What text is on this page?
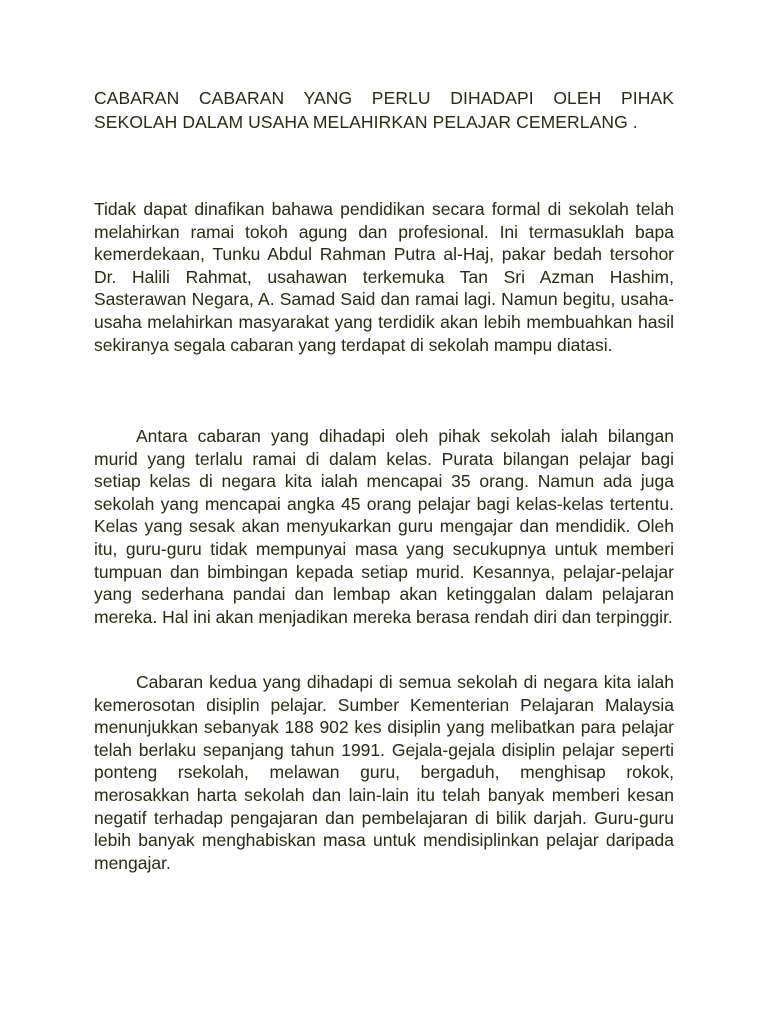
CABARAN CABARAN YANG PERLU DIHADAPI OLEH PIHAK SEKOLAH DALAM USAHA MELAHIRKAN PELAJAR CEMERLANG .

Tidak dapat dinafikan bahawa pendidikan secara formal di sekolah telah melahirkan ramai tokoh agung dan profesional. Ini termasuklah bapa kemerdekaan, Tunku Abdul Rahman Putra al-Haj, pakar bedah tersohor Dr. Halili Rahmat, usahawan terkemuka Tan Sri Azman Hashim, Sasterawan Negara, A. Samad Said dan ramai lagi. Namun begitu, usaha-usaha melahirkan masyarakat yang terdidik akan lebih membuahkan hasil sekiranya segala cabaran yang terdapat di sekolah mampu diatasi.

Antara cabaran yang dihadapi oleh pihak sekolah ialah bilangan murid yang terlalu ramai di dalam kelas. Purata bilangan pelajar bagi setiap kelas di negara kita ialah mencapai 35 orang. Namun ada juga sekolah yang mencapai angka 45 orang pelajar bagi kelas-kelas tertentu. Kelas yang sesak akan menyukarkan guru mengajar dan mendidik. Oleh itu, guru-guru tidak mempunyai masa yang secukupnya untuk memberi tumpuan dan bimbingan kepada setiap murid. Kesannya, pelajar-pelajar yang sederhana pandai dan lembap akan ketinggalan dalam pelajaran mereka. Hal ini akan menjadikan mereka berasa rendah diri dan terpinggir.

Cabaran kedua yang dihadapi di semua sekolah di negara kita ialah kemerosotan disiplin pelajar. Sumber Kementerian Pelajaran Malaysia menunjukkan sebanyak 188 902 kes disiplin yang melibatkan para pelajar telah berlaku sepanjang tahun 1991. Gejala-gejala disiplin pelajar seperti ponteng rsekolah, melawan guru, bergaduh, menghisap rokok, merosakkan harta sekolah dan lain-lain itu telah banyak memberi kesan negatif terhadap pengajaran dan pembelajaran di bilik darjah. Guru-guru lebih banyak menghabiskan masa untuk mendisiplinkan pelajar daripada mengajar.
